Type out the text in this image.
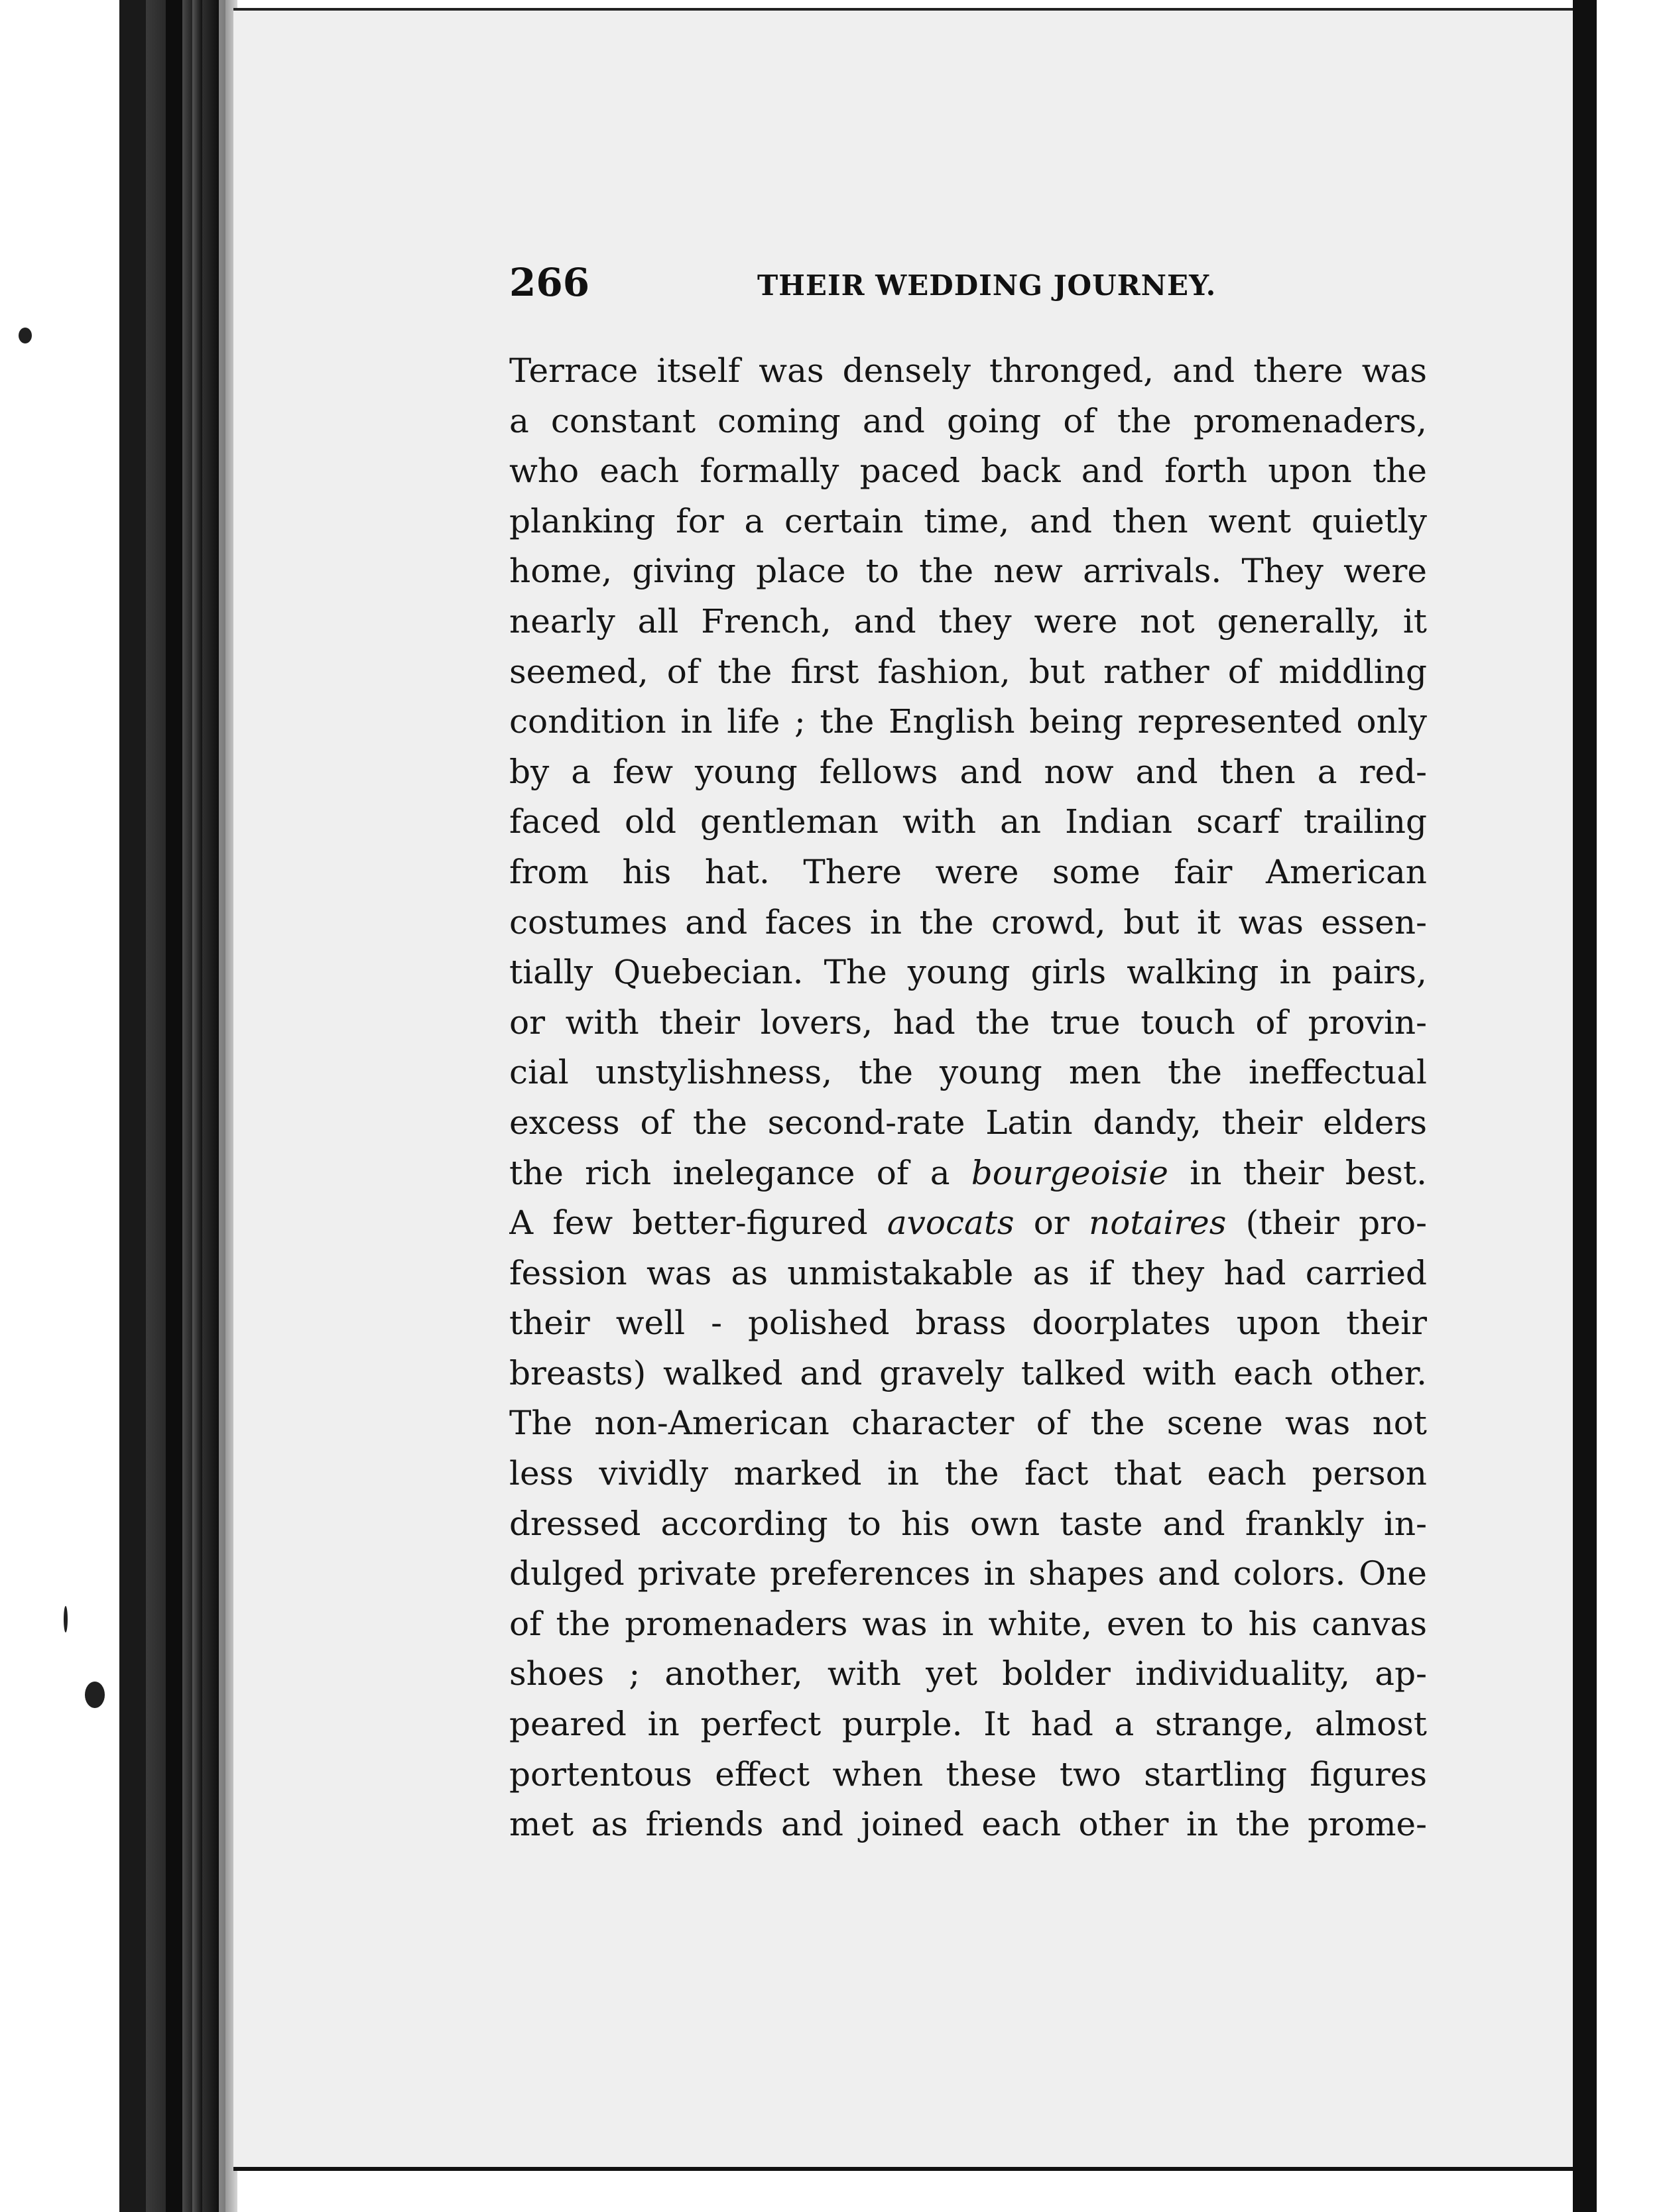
266	THEIR WEDDING JOURNEY.
Terrace itself was densely thronged, and there was
a constant coming and going of the promenaders,
who each formally paced back and forth upon the
planking for a certain time, and then went quietly
home, giving place to the new arrivals. They were
nearly all French, and they were not generally, it
seemed, of the first fashion, but rather of middling
condition in life ; the English being represented only
by a few young fellows and now and then a red-
faced old gentleman with an Indian scarf trailing
from his hat. There were some fair American
costumes and faces in the crowd, but it was essen-
tially Quebecian. The young girls walking in pairs,
or with their lovers, had the true touch of provin-
cial unstylishness, the young men the ineffectual
excess of the second-rate Latin dandy, their elders
the rich inelegance of a bourgeoisie in their best.
A few better-figured avocats or notaires (their pro-
fession was as unmistakable as if they had carried
their well - polished brass doorplates upon their
breasts) walked and gravely talked with each other.
The non-American character of the scene was not
less vividly marked in the fact that each person
dressed according to his own taste and frankly in-
dulged private preferences in shapes and colors. One
of the promenaders was in white, even to his canvas
shoes ; another, with yet bolder individuality, ap-
peared in perfect purple. It had a strange, almost
portentous effect when these two startling figures
met as friends and joined each other in the prome-
